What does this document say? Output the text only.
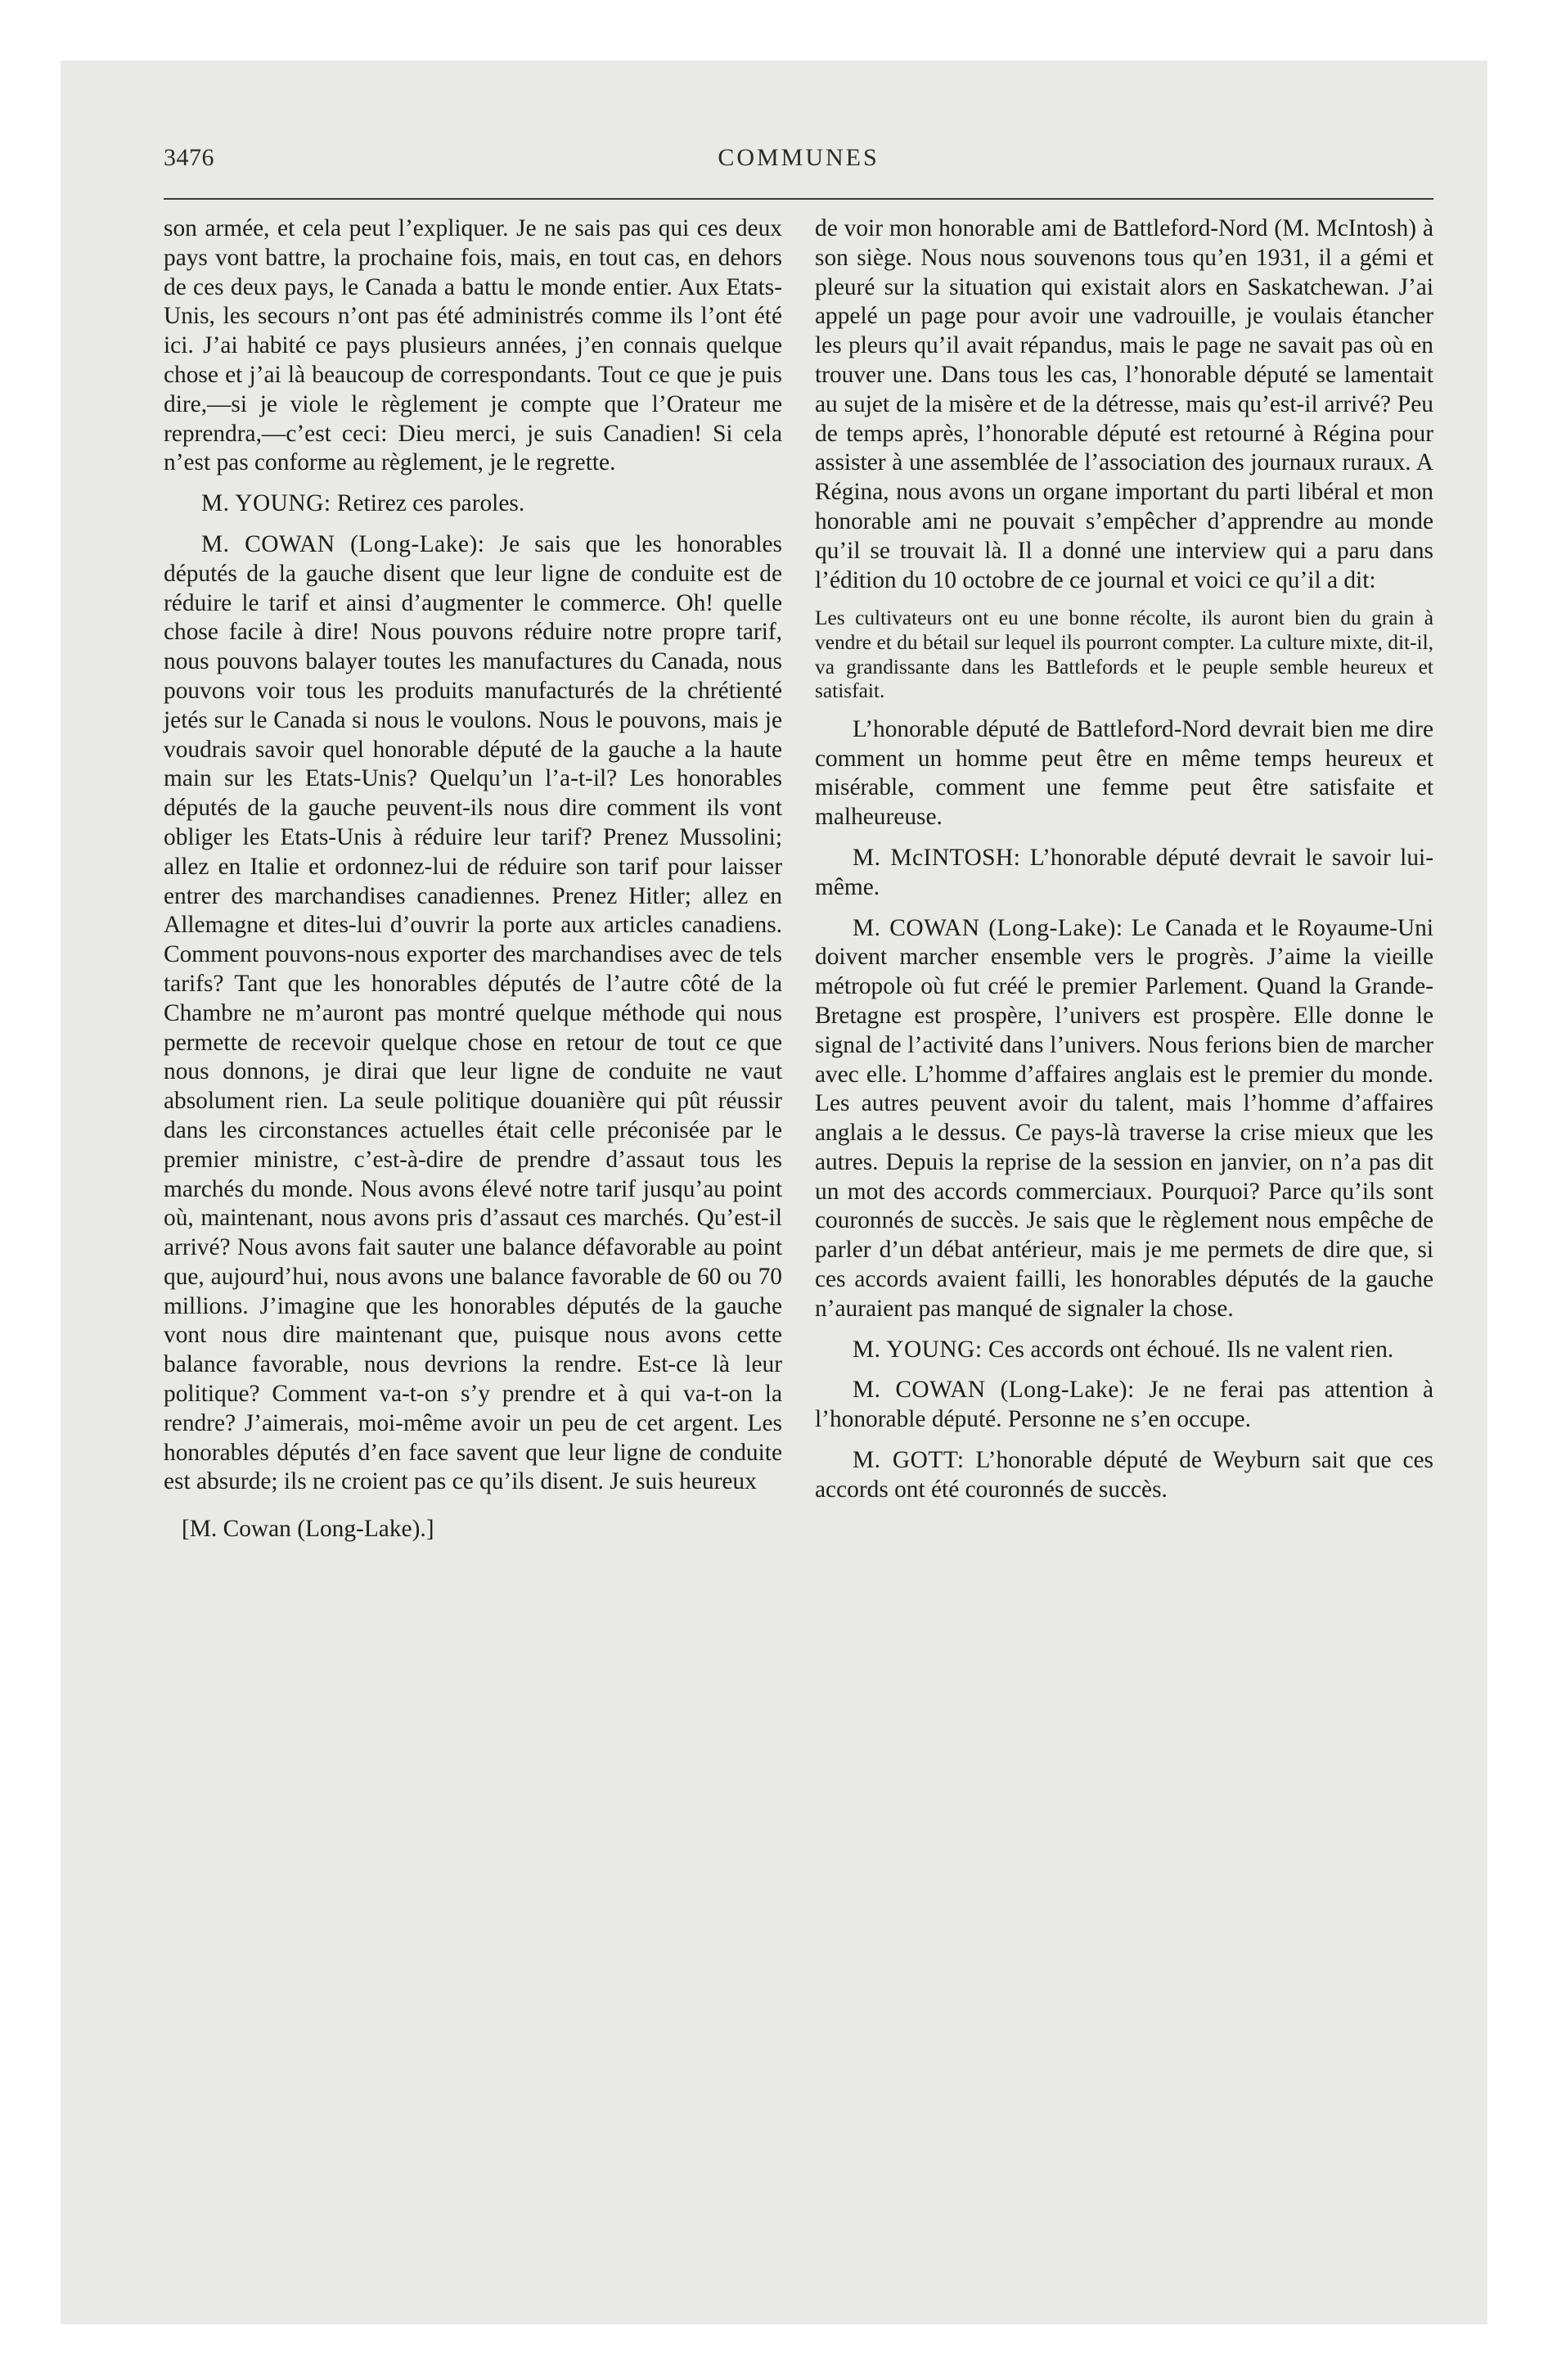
3476	COMMUNES

son armée, et cela peut l’expliquer. Je ne sais pas qui ces deux pays vont battre, la prochaine fois, mais, en tout cas, en dehors de ces deux pays, le Canada a battu le monde entier. Aux Etats-Unis, les secours n’ont pas été administrés comme ils l’ont été ici. J’ai habité ce pays plusieurs années, j’en connais quelque chose et j’ai là beaucoup de correspondants. Tout ce que je puis dire,—si je viole le règlement je compte que l’Orateur me reprendra,—c’est ceci: Dieu merci, je suis Canadien! Si cela n’est pas conforme au règlement, je le regrette.

M. YOUNG: Retirez ces paroles.

M. COWAN (Long-Lake): Je sais que les honorables députés de la gauche disent que leur ligne de conduite est de réduire le tarif et ainsi d’augmenter le commerce. Oh! quelle chose facile à dire! Nous pouvons réduire notre propre tarif, nous pouvons balayer toutes les manufactures du Canada, nous pouvons voir tous les produits manufacturés de la chrétienté jetés sur le Canada si nous le voulons. Nous le pouvons, mais je voudrais savoir quel honorable député de la gauche a la haute main sur les Etats-Unis? Quelqu’un l’a-t-il? Les honorables députés de la gauche peuvent-ils nous dire comment ils vont obliger les Etats-Unis à réduire leur tarif? Prenez Mussolini; allez en Italie et ordonnez-lui de réduire son tarif pour laisser entrer des marchandises canadiennes. Prenez Hitler; allez en Allemagne et dites-lui d’ouvrir la porte aux articles canadiens. Comment pouvons-nous exporter des marchandises avec de tels tarifs? Tant que les honorables députés de l’autre côté de la Chambre ne m’auront pas montré quelque méthode qui nous permette de recevoir quelque chose en retour de tout ce que nous donnons, je dirai que leur ligne de conduite ne vaut absolument rien. La seule politique douanière qui pût réussir dans les circonstances actuelles était celle préconisée par le premier ministre, c’est-à-dire de prendre d’assaut tous les marchés du monde. Nous avons élevé notre tarif jusqu’au point où, maintenant, nous avons pris d’assaut ces marchés. Qu’est-il arrivé? Nous avons fait sauter une balance défavorable au point que, aujourd’hui, nous avons une balance favorable de 60 ou 70 millions. J’imagine que les honorables députés de la gauche vont nous dire maintenant que, puisque nous avons cette balance favorable, nous devrions la rendre. Est-ce là leur politique? Comment va-t-on s’y prendre et à qui va-t-on la rendre? J’aimerais, moi-même avoir un peu de cet argent. Les honorables députés d’en face savent que leur ligne de conduite est absurde; ils ne croient pas ce qu’ils disent. Je suis heureux

[M. Cowan (Long-Lake).]

de voir mon honorable ami de Battleford-Nord (M. McIntosh) à son siège. Nous nous souvenons tous qu’en 1931, il a gémi et pleuré sur la situation qui existait alors en Saskatchewan. J’ai appelé un page pour avoir une vadrouille, je voulais étancher les pleurs qu’il avait répandus, mais le page ne savait pas où en trouver une. Dans tous les cas, l’honorable député se lamentait au sujet de la misère et de la détresse, mais qu’est-il arrivé? Peu de temps après, l’honorable député est retourné à Régina pour assister à une assemblée de l’association des journaux ruraux. A Régina, nous avons un organe important du parti libéral et mon honorable ami ne pouvait s’empêcher d’apprendre au monde qu’il se trouvait là. Il a donné une interview qui a paru dans l’édition du 10 octobre de ce journal et voici ce qu’il a dit:

Les cultivateurs ont eu une bonne récolte, ils auront bien du grain à vendre et du bétail sur lequel ils pourront compter. La culture mixte, dit-il, va grandissante dans les Battlefords et le peuple semble heureux et satisfait.

L’honorable député de Battleford-Nord devrait bien me dire comment un homme peut être en même temps heureux et misérable, comment une femme peut être satisfaite et malheureuse.

M. McINTOSH: L’honorable député devrait le savoir lui-même.

M. COWAN (Long-Lake): Le Canada et le Royaume-Uni doivent marcher ensemble vers le progrès. J’aime la vieille métropole où fut créé le premier Parlement. Quand la Grande-Bretagne est prospère, l’univers est prospère. Elle donne le signal de l’activité dans l’univers. Nous ferions bien de marcher avec elle. L’homme d’affaires anglais est le premier du monde. Les autres peuvent avoir du talent, mais l’homme d’affaires anglais a le dessus. Ce pays-là traverse la crise mieux que les autres. Depuis la reprise de la session en janvier, on n’a pas dit un mot des accords commerciaux. Pourquoi? Parce qu’ils sont couronnés de succès. Je sais que le règlement nous empêche de parler d’un débat antérieur, mais je me permets de dire que, si ces accords avaient failli, les honorables députés de la gauche n’auraient pas manqué de signaler la chose.

M. YOUNG: Ces accords ont échoué. Ils ne valent rien.

M. COWAN (Long-Lake): Je ne ferai pas attention à l’honorable député. Personne ne s’en occupe.

M. GOTT: L’honorable député de Weyburn sait que ces accords ont été couronnés de succès.
